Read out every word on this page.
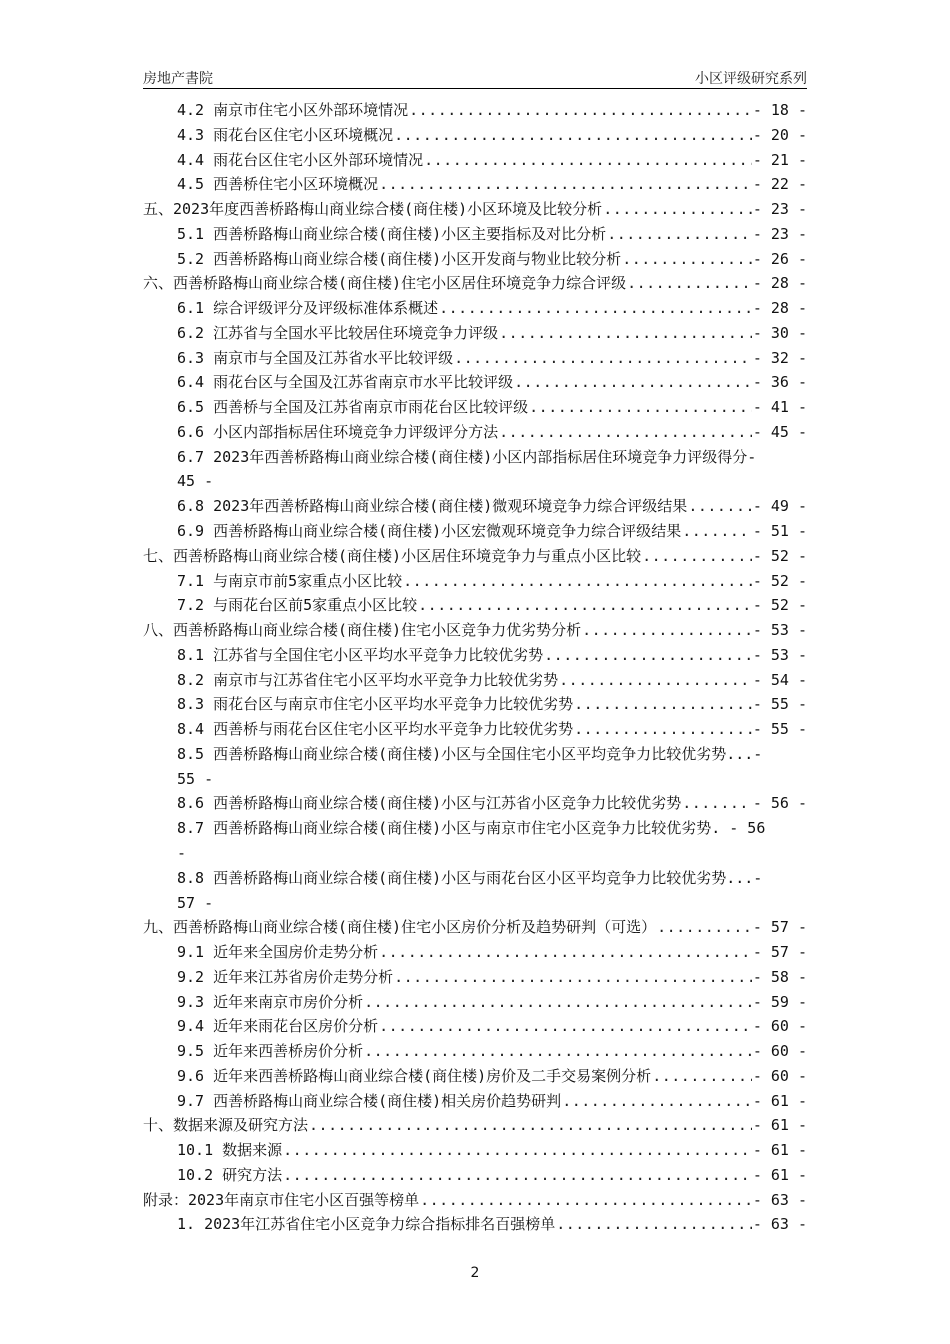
房地产書院	小区评级研究系列
4.2 南京市住宅小区外部环境情况 .....	- 18 -
4.3 雨花台区住宅小区环境概况 .....	- 20 -
4.4 雨花台区住宅小区外部环境情况 .....	- 21 -
4.5 西善桥住宅小区环境概况 .....	- 22 -
五、2023年度西善桥路梅山商业综合楼(商住楼)小区环境及比较分析 .....	- 23 -
5.1 西善桥路梅山商业综合楼(商住楼)小区主要指标及对比分析 .....	- 23 -
5.2 西善桥路梅山商业综合楼(商住楼)小区开发商与物业比较分析 .....	- 26 -
六、西善桥路梅山商业综合楼(商住楼)住宅小区居住环境竞争力综合评级 .....	- 28 -
6.1 综合评级评分及评级标准体系概述 .....	- 28 -
6.2 江苏省与全国水平比较居住环境竞争力评级 .....	- 30 -
6.3 南京市与全国及江苏省水平比较评级 .....	- 32 -
6.4 雨花台区与全国及江苏省南京市水平比较评级 .....	- 36 -
6.5 西善桥与全国及江苏省南京市雨花台区比较评级 .....	- 41 -
6.6 小区内部指标居住环境竞争力评级评分方法 .....	- 45 -
6.7 2023年西善桥路梅山商业综合楼(商住楼)小区内部指标居住环境竞争力评级得分-
45 -
6.8 2023年西善桥路梅山商业综合楼(商住楼)微观环境竞争力综合评级结果 .....	- 49 -
6.9 西善桥路梅山商业综合楼(商住楼)小区宏微观环境竞争力综合评级结果 .....	- 51 -
七、西善桥路梅山商业综合楼(商住楼)小区居住环境竞争力与重点小区比较 .....	- 52 -
7.1 与南京市前5家重点小区比较 .....	- 52 -
7.2 与雨花台区前5家重点小区比较 .....	- 52 -
八、西善桥路梅山商业综合楼(商住楼)住宅小区竞争力优劣势分析 .....	- 53 -
8.1 江苏省与全国住宅小区平均水平竞争力比较优劣势 .....	- 53 -
8.2 南京市与江苏省住宅小区平均水平竞争力比较优劣势 .....	- 54 -
8.3 雨花台区与南京市住宅小区平均水平竞争力比较优劣势 .....	- 55 -
8.4 西善桥与雨花台区住宅小区平均水平竞争力比较优劣势 .....	- 55 -
8.5 西善桥路梅山商业综合楼(商住楼)小区与全国住宅小区平均竞争力比较优劣势...-
55 -
8.6 西善桥路梅山商业综合楼(商住楼)小区与江苏省小区竞争力比较优劣势 .....	- 56 -
8.7 西善桥路梅山商业综合楼(商住楼)小区与南京市住宅小区竞争力比较优劣势. - 56
-
8.8 西善桥路梅山商业综合楼(商住楼)小区与雨花台区小区平均竞争力比较优劣势...-
57 -
九、西善桥路梅山商业综合楼(商住楼)住宅小区房价分析及趋势研判（可选） .....	- 57 -
9.1 近年来全国房价走势分析 .....	- 57 -
9.2 近年来江苏省房价走势分析 .....	- 58 -
9.3 近年来南京市房价分析 .....	- 59 -
9.4 近年来雨花台区房价分析 .....	- 60 -
9.5 近年来西善桥房价分析 .....	- 60 -
9.6 近年来西善桥路梅山商业综合楼(商住楼)房价及二手交易案例分析 .....	- 60 -
9.7 西善桥路梅山商业综合楼(商住楼)相关房价趋势研判 .....	- 61 -
十、数据来源及研究方法 .....	- 61 -
10.1 数据来源 .....	- 61 -
10.2 研究方法 .....	- 61 -
附录：2023年南京市住宅小区百强等榜单 .....	- 63 -
1. 2023年江苏省住宅小区竞争力综合指标排名百强榜单 .....	- 63 -
2
